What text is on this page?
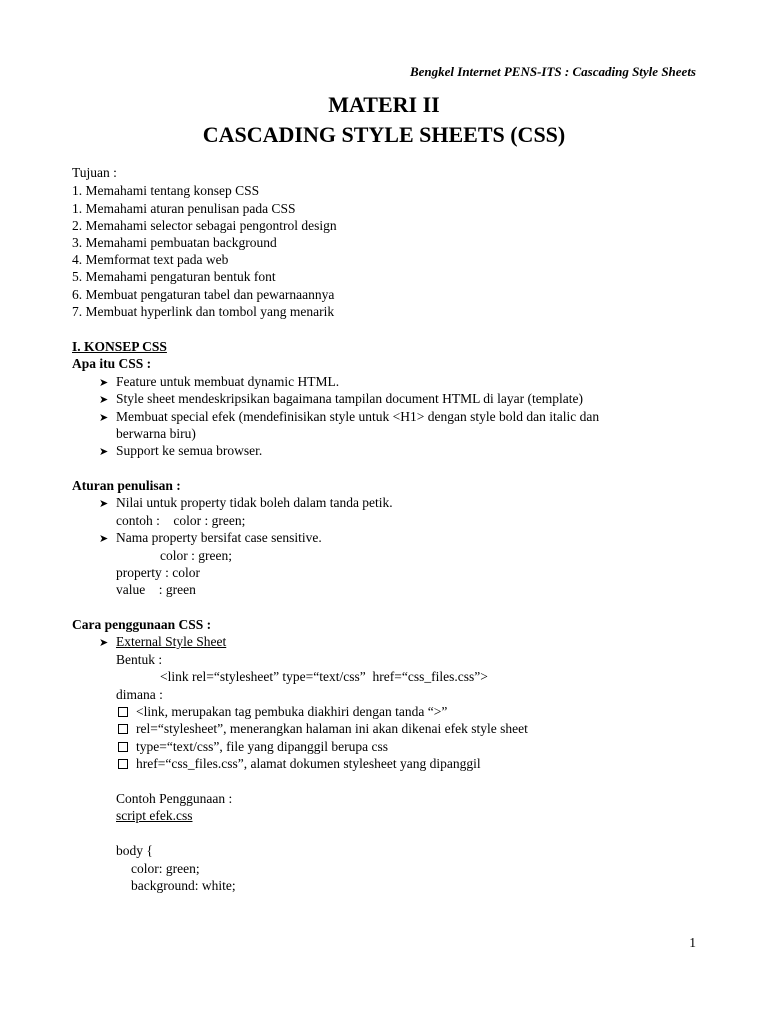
Bengkel Internet PENS-ITS : Cascading Style Sheets
MATERI II
CASCADING STYLE SHEETS (CSS)
Tujuan :
1. Memahami tentang konsep CSS
1. Memahami aturan penulisan pada CSS
2. Memahami selector sebagai pengontrol design
3. Memahami pembuatan background
4. Memformat text pada web
5. Memahami pengaturan bentuk font
6. Membuat pengaturan tabel dan pewarnaannya
7. Membuat hyperlink dan tombol yang menarik
I. KONSEP CSS
Apa itu CSS :
➤ Feature untuk membuat dynamic HTML.
➤ Style sheet mendeskripsikan bagaimana tampilan document HTML di layar (template)
➤ Membuat special efek (mendefinisikan style untuk <H1> dengan style bold dan italic dan
berwarna biru)
➤ Support ke semua browser.
Aturan penulisan :
➤ Nilai untuk property tidak boleh dalam tanda petik.
contoh :    color : green;
➤ Nama property bersifat case sensitive.
color : green;
property : color
value    : green
Cara penggunaan CSS :
➤ External Style Sheet
Bentuk :
<link rel=“stylesheet” type=“text/css”  href=“css_files.css”>
dimana :
<link, merupakan tag pembuka diakhiri dengan tanda “>”
rel=“stylesheet”, menerangkan halaman ini akan dikenai efek style sheet
type=“text/css”, file yang dipanggil berupa css
href=“css_files.css”, alamat dokumen stylesheet yang dipanggil
Contoh Penggunaan :
script efek.css
body {
color: green;
background: white;
1
